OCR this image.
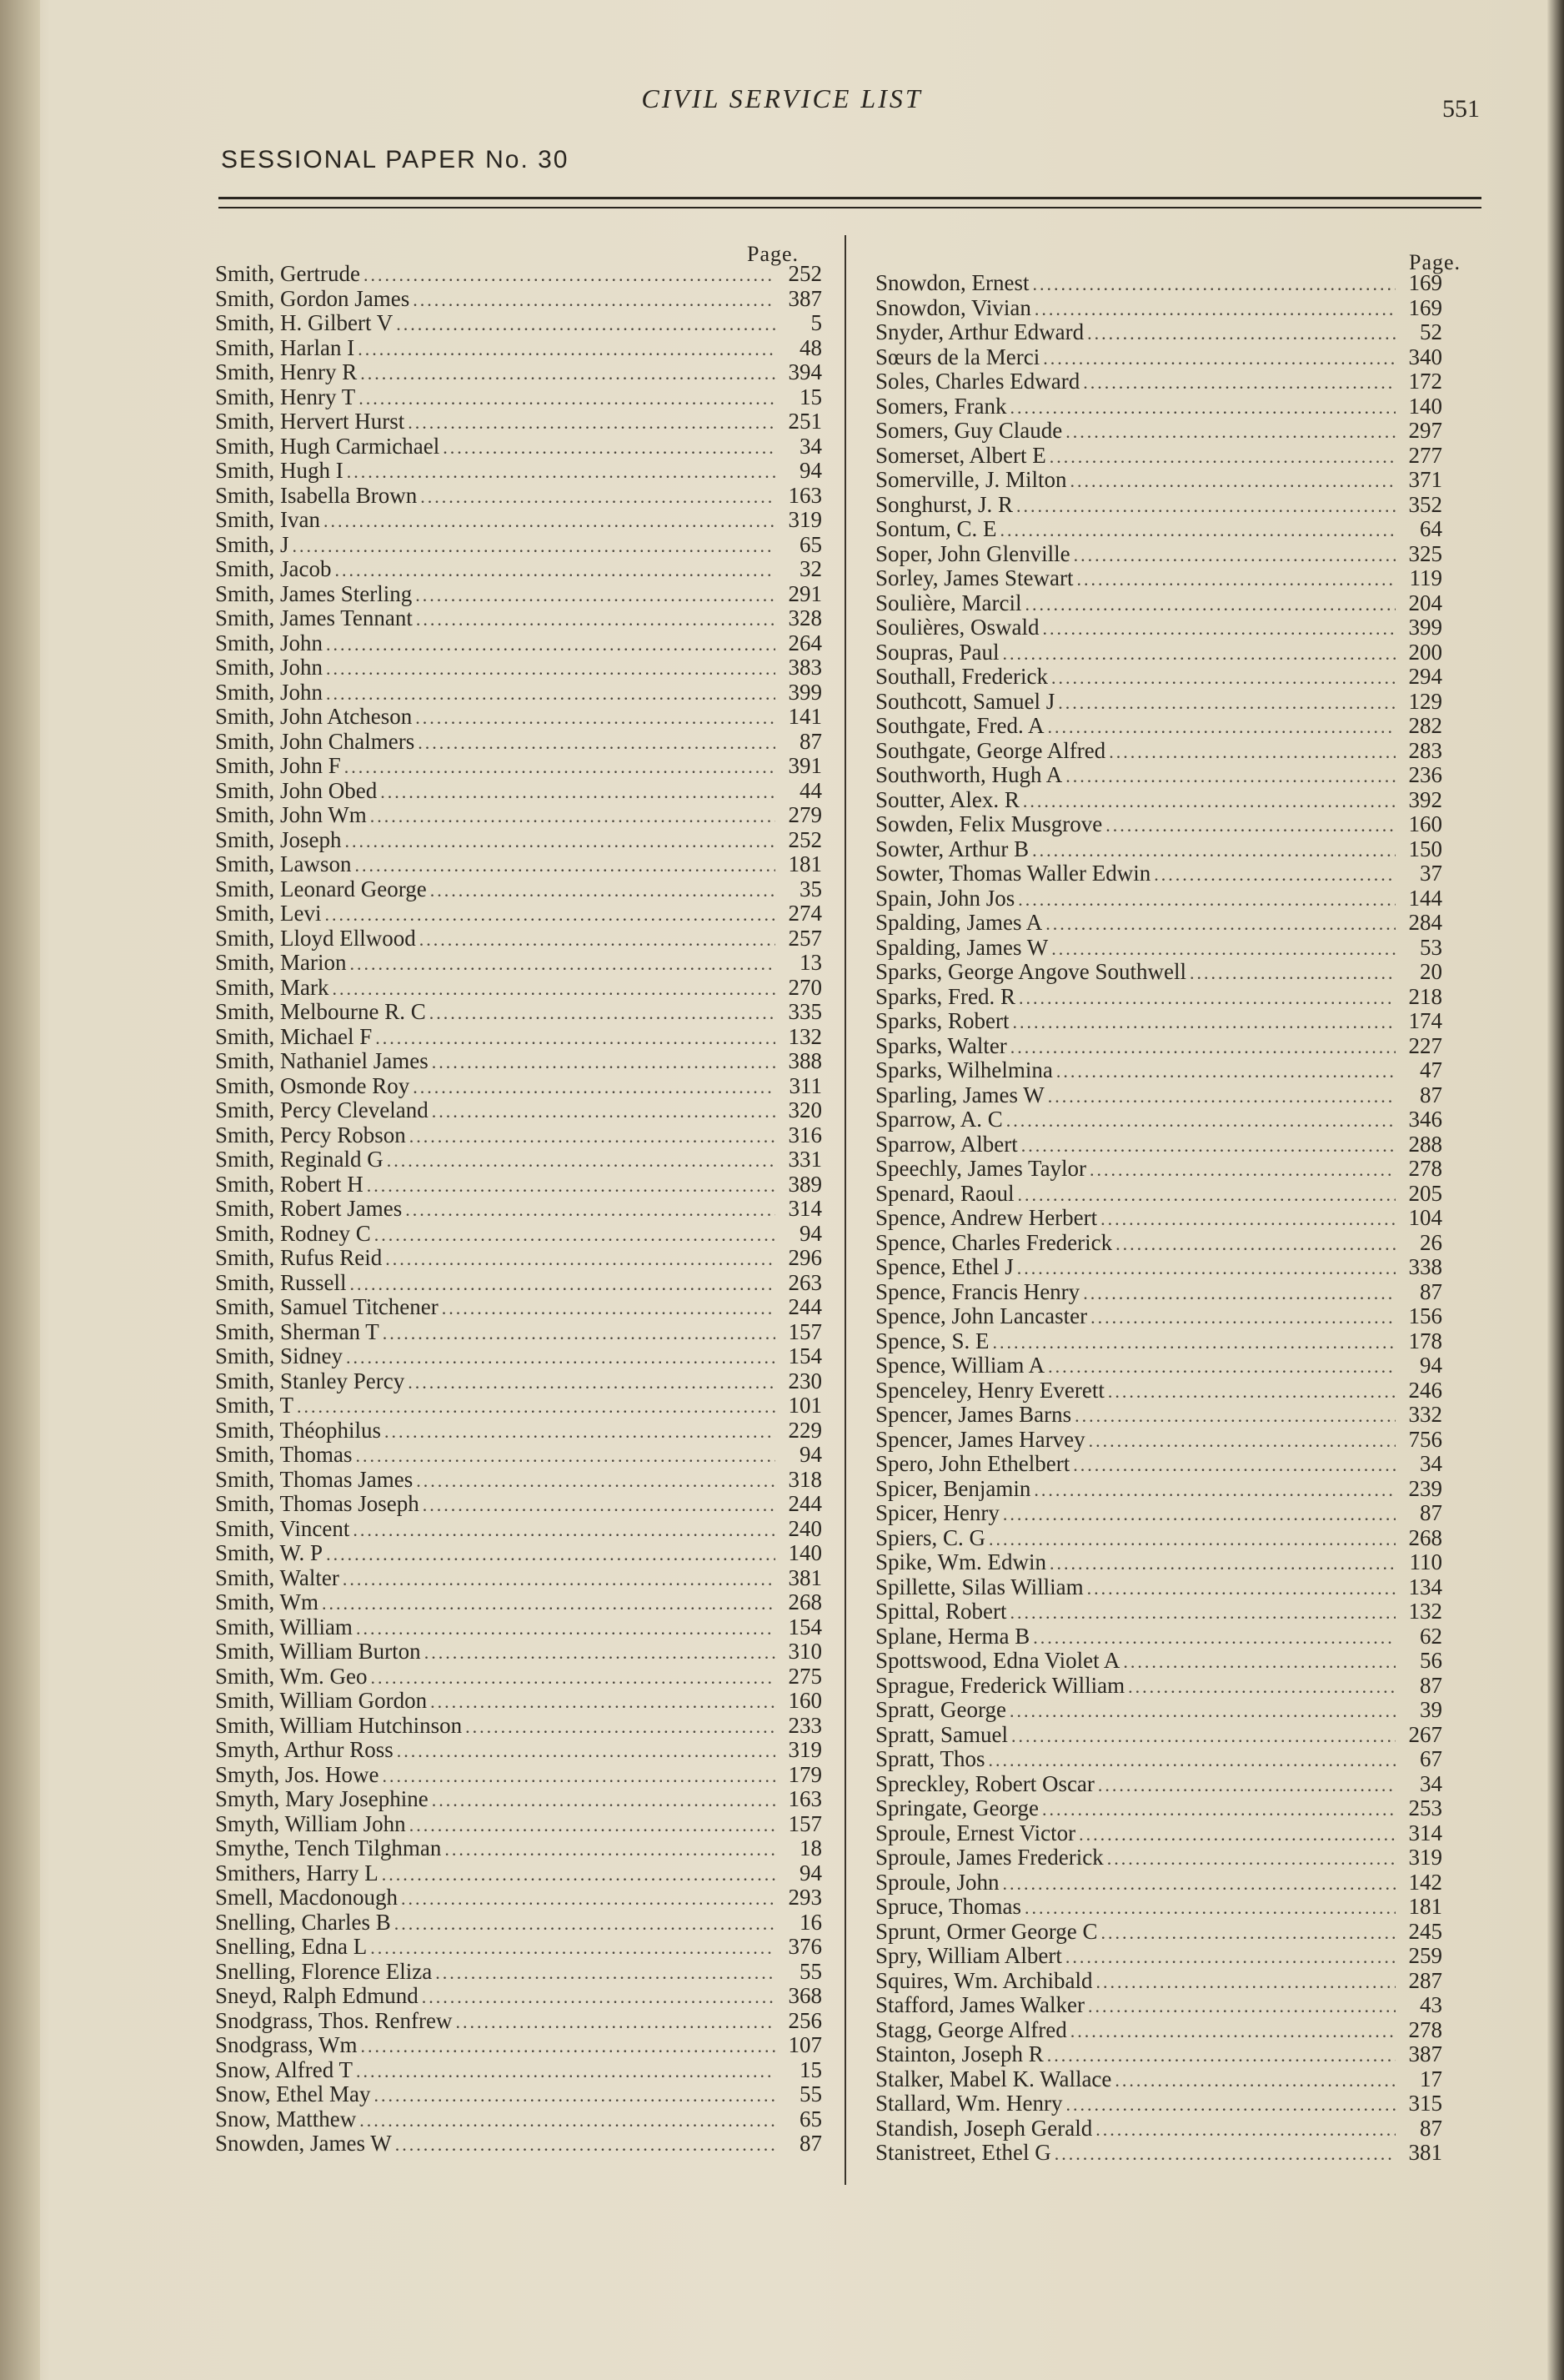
CIVIL SERVICE LIST	551
SESSIONAL PAPER No. 30
Page.	Page.
Smith, Gertrude .....	252
Smith, Gordon James .....	387
Smith, H. Gilbert V .....	5
Smith, Harlan I .....	48
Smith, Henry R .....	394
Smith, Henry T .....	15
Smith, Hervert Hurst .....	251
Smith, Hugh Carmichael .....	34
Smith, Hugh I .....	94
Smith, Isabella Brown .....	163
Smith, Ivan .....	319
Smith, J .....	65
Smith, Jacob .....	32
Smith, James Sterling .....	291
Smith, James Tennant .....	328
Smith, John .....	264
Smith, John .....	383
Smith, John .....	399
Smith, John Atcheson .....	141
Smith, John Chalmers .....	87
Smith, John F .....	391
Smith, John Obed .....	44
Smith, John Wm .....	279
Smith, Joseph .....	252
Smith, Lawson .....	181
Smith, Leonard George .....	35
Smith, Levi .....	274
Smith, Lloyd Ellwood .....	257
Smith, Marion .....	13
Smith, Mark .....	270
Smith, Melbourne R. C .....	335
Smith, Michael F .....	132
Smith, Nathaniel James .....	388
Smith, Osmonde Roy .....	311
Smith, Percy Cleveland .....	320
Smith, Percy Robson .....	316
Smith, Reginald G .....	331
Smith, Robert H .....	389
Smith, Robert James .....	314
Smith, Rodney C .....	94
Smith, Rufus Reid .....	296
Smith, Russell .....	263
Smith, Samuel Titchener .....	244
Smith, Sherman T .....	157
Smith, Sidney .....	154
Smith, Stanley Percy .....	230
Smith, T .....	101
Smith, Théophilus .....	229
Smith, Thomas .....	94
Smith, Thomas James .....	318
Smith, Thomas Joseph .....	244
Smith, Vincent .....	240
Smith, W. P .....	140
Smith, Walter .....	381
Smith, Wm .....	268
Smith, William .....	154
Smith, William Burton .....	310
Smith, Wm. Geo .....	275
Smith, William Gordon .....	160
Smith, William Hutchinson .....	233
Smyth, Arthur Ross .....	319
Smyth, Jos. Howe .....	179
Smyth, Mary Josephine .....	163
Smyth, William John .....	157
Smythe, Tench Tilghman .....	18
Smithers, Harry L .....	94
Smell, Macdonough .....	293
Snelling, Charles B .....	16
Snelling, Edna L .....	376
Snelling, Florence Eliza .....	55
Sneyd, Ralph Edmund .....	368
Snodgrass, Thos. Renfrew .....	256
Snodgrass, Wm .....	107
Snow, Alfred T .....	15
Snow, Ethel May .....	55
Snow, Matthew .....	65
Snowden, James W .....	87
Snowdon, Ernest .....	169
Snowdon, Vivian .....	169
Snyder, Arthur Edward .....	52
Sœurs de la Merci .....	340
Soles, Charles Edward .....	172
Somers, Frank .....	140
Somers, Guy Claude .....	297
Somerset, Albert E .....	277
Somerville, J. Milton .....	371
Songhurst, J. R .....	352
Sontum, C. E .....	64
Soper, John Glenville .....	325
Sorley, James Stewart .....	119
Soulière, Marcil .....	204
Soulières, Oswald .....	399
Soupras, Paul .....	200
Southall, Frederick .....	294
Southcott, Samuel J .....	129
Southgate, Fred. A .....	282
Southgate, George Alfred .....	283
Southworth, Hugh A .....	236
Soutter, Alex. R .....	392
Sowden, Felix Musgrove .....	160
Sowter, Arthur B .....	150
Sowter, Thomas Waller Edwin .....	37
Spain, John Jos .....	144
Spalding, James A .....	284
Spalding, James W .....	53
Sparks, George Angove Southwell .....	20
Sparks, Fred. R .....	218
Sparks, Robert .....	174
Sparks, Walter .....	227
Sparks, Wilhelmina .....	47
Sparling, James W .....	87
Sparrow, A. C .....	346
Sparrow, Albert .....	288
Speechly, James Taylor .....	278
Spenard, Raoul .....	205
Spence, Andrew Herbert .....	104
Spence, Charles Frederick .....	26
Spence, Ethel J .....	338
Spence, Francis Henry .....	87
Spence, John Lancaster .....	156
Spence, S. E .....	178
Spence, William A .....	94
Spenceley, Henry Everett .....	246
Spencer, James Barns .....	332
Spencer, James Harvey .....	756
Spero, John Ethelbert .....	34
Spicer, Benjamin .....	239
Spicer, Henry .....	87
Spiers, C. G .....	268
Spike, Wm. Edwin .....	110
Spillette, Silas William .....	134
Spittal, Robert .....	132
Splane, Herma B .....	62
Spottswood, Edna Violet A .....	56
Sprague, Frederick William .....	87
Spratt, George .....	39
Spratt, Samuel .....	267
Spratt, Thos .....	67
Spreckley, Robert Oscar .....	34
Springate, George .....	253
Sproule, Ernest Victor .....	314
Sproule, James Frederick .....	319
Sproule, John .....	142
Spruce, Thomas .....	181
Sprunt, Ormer George C .....	245
Spry, William Albert .....	259
Squires, Wm. Archibald .....	287
Stafford, James Walker .....	43
Stagg, George Alfred .....	278
Stainton, Joseph R .....	387
Stalker, Mabel K. Wallace .....	17
Stallard, Wm. Henry .....	315
Standish, Joseph Gerald .....	87
Stanistreet, Ethel G .....	381
